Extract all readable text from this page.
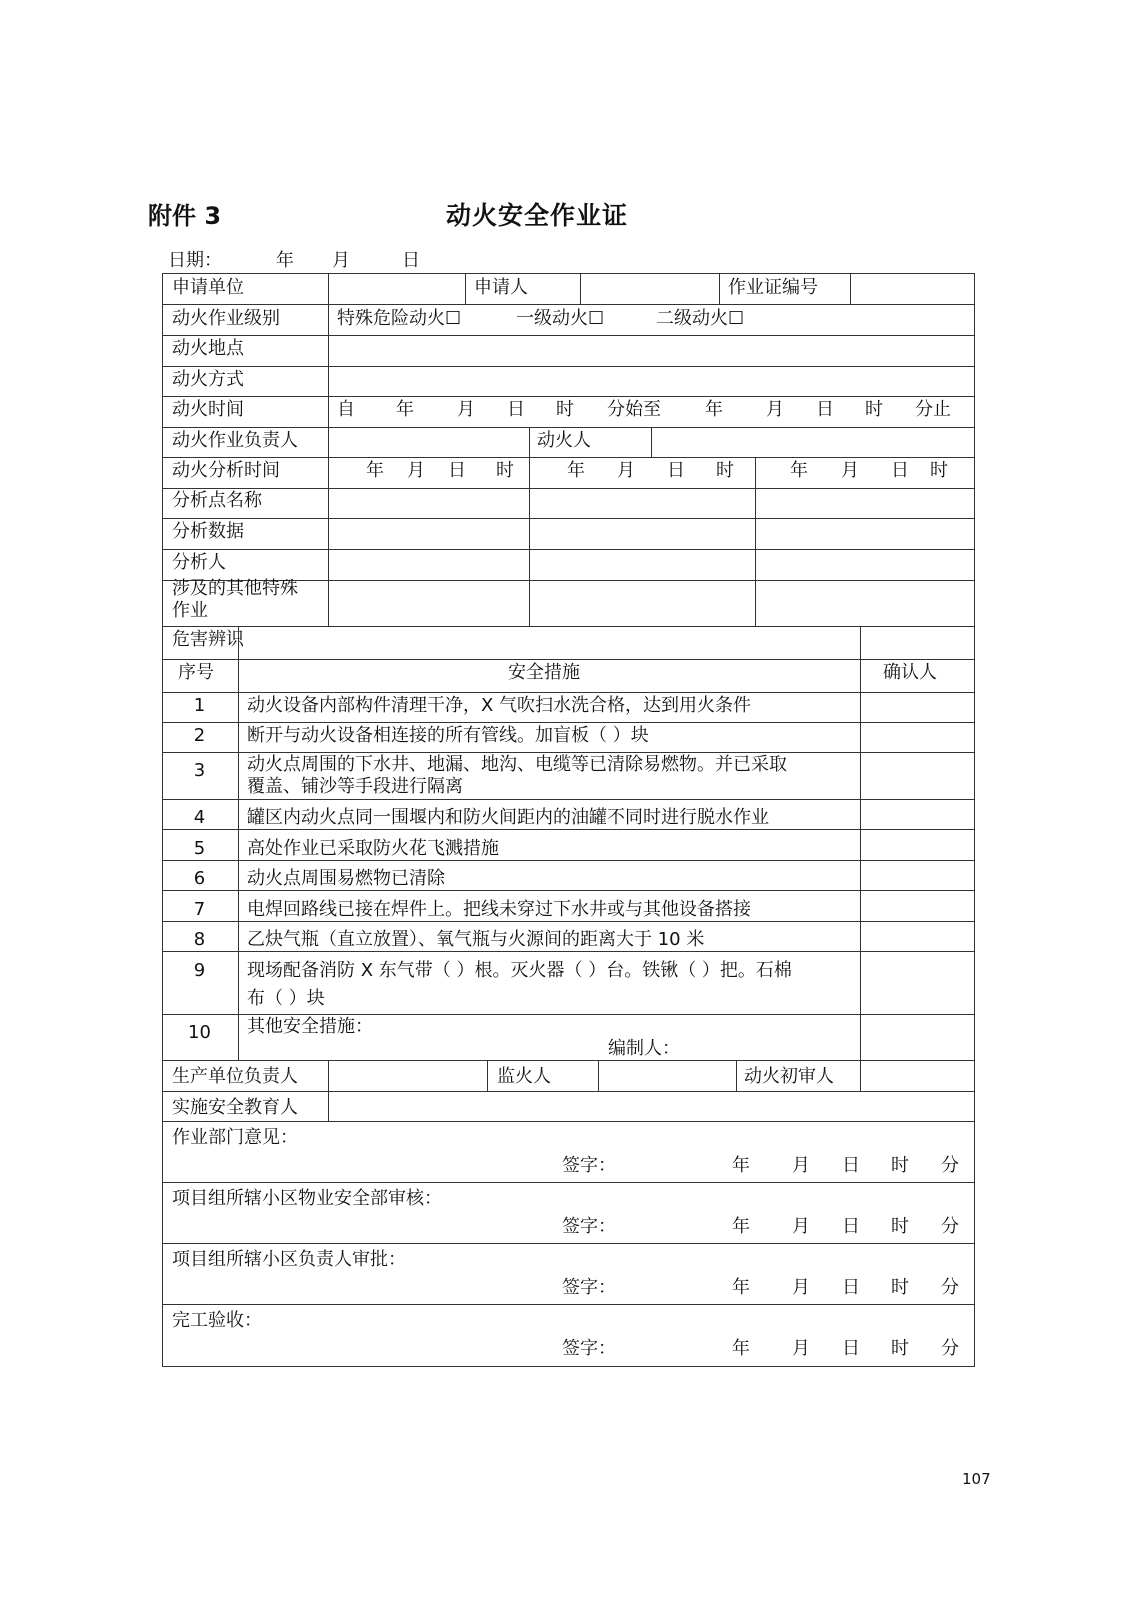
附件 3	动火安全作业证
日期：	年 月	日
申请单位	申请人	作业证编号
动火作业级别	特殊危险动火☐	一级动火☐	二级动火☐
动火地点
动火方式
动火时间	自 年 月 日 时 分始至 年 月 日 时 分止
动火作业负责人	动火人
动火分析时间	年 月 日 时	年 月 日 时	年 月 日 时
分析点名称
分析数据
分析人
涉及的其他特殊
作业
危害辨识
序号	安全措施	确认人
1	动火设备内部构件清理干净，X 气吹扫水洗合格，达到用火条件
2	断开与动火设备相连接的所有管线。加盲板（ ）块
3	动火点周围的下水井、地漏、地沟、电缆等已清除易燃物。并已采取
覆盖、铺沙等手段进行隔离
4	罐区内动火点同一围堰内和防火间距内的油罐不同时进行脱水作业
5	高处作业已采取防火花飞溅措施
6	动火点周围易燃物已清除
7	电焊回路线已接在焊件上。把线未穿过下水井或与其他设备搭接
8	乙炔气瓶（直立放置）、氧气瓶与火源间的距离大于 10 米
9	现场配备消防 X 东气带（ ）根。灭火器（ ）台。铁锹（ ）把。石棉
布（ ）块
10	其他安全措施：
编制人：
生产单位负责人	监火人	动火初审人
实施安全教育人
作业部门意见：
签字：	年 月 日 时 分
项目组所辖小区物业安全部审核：
签字：	年 月 日 时 分
项目组所辖小区负责人审批：
签字：	年 月 日 时 分
完工验收：
签字：	年 月 日 时 分
107
